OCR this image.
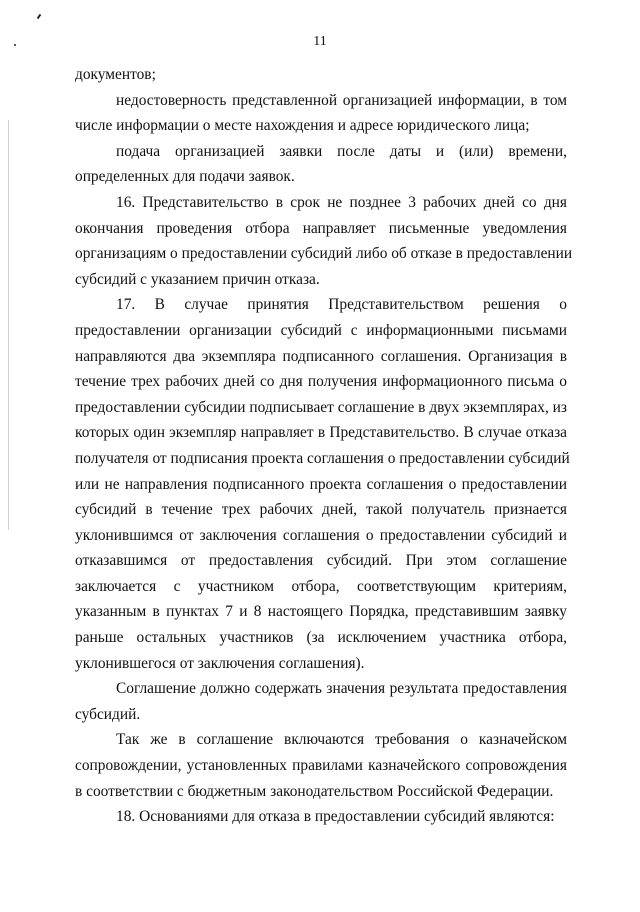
11
документов;
недостоверность представленной организацией информации, в том
числе информации о месте нахождения и адресе юридического лица;
подача организацией заявки после даты и (или) времени,
определенных для подачи заявок.
16. Представительство в срок не позднее 3 рабочих дней со дня
окончания проведения отбора направляет письменные уведомления
организациям о предоставлении субсидий либо об отказе в предоставлении
субсидий с указанием причин отказа.
17. В случае принятия Представительством решения о
предоставлении организации субсидий с информационными письмами
направляются два экземпляра подписанного соглашения. Организация в
течение трех рабочих дней со дня получения информационного письма о
предоставлении субсидии подписывает соглашение в двух экземплярах, из
которых один экземпляр направляет в Представительство. В случае отказа
получателя от подписания проекта соглашения о предоставлении субсидий
или не направления подписанного проекта соглашения о предоставлении
субсидий в течение трех рабочих дней, такой получатель признается
уклонившимся от заключения соглашения о предоставлении субсидий и
отказавшимся от предоставления субсидий. При этом соглашение
заключается с участником отбора, соответствующим критериям,
указанным в пунктах 7 и 8 настоящего Порядка, представившим заявку
раньше остальных участников (за исключением участника отбора,
уклонившегося от заключения соглашения).
Соглашение должно содержать значения результата предоставления
субсидий.
Так же в соглашение включаются требования о казначейском
сопровождении, установленных правилами казначейского сопровождения
в соответствии с бюджетным законодательством Российской Федерации.
18. Основаниями для отказа в предоставлении субсидий являются:
